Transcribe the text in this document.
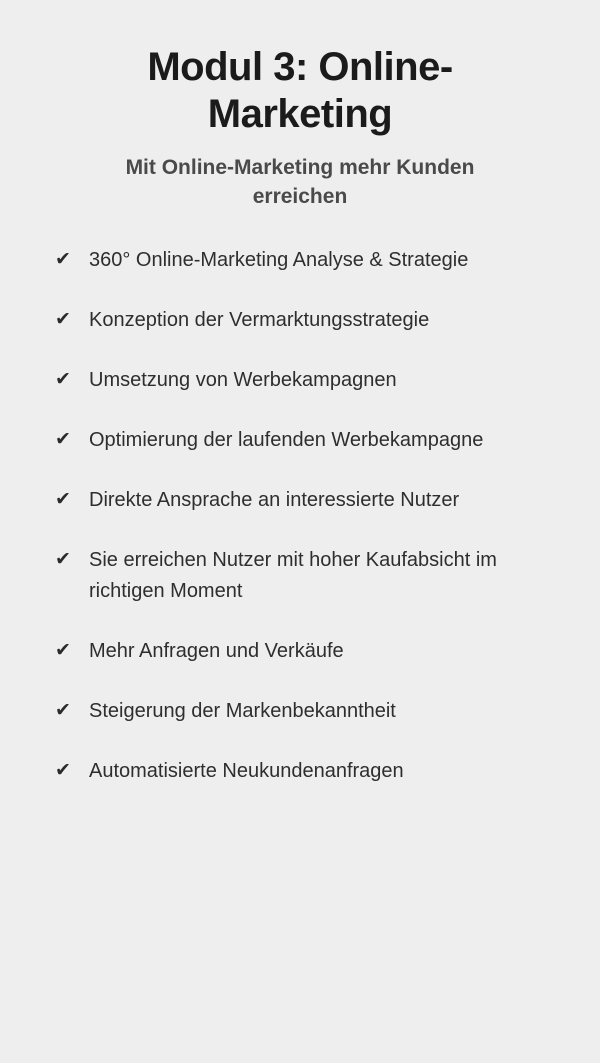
Modul 3: Online-Marketing
Mit Online-Marketing mehr Kunden erreichen
✔ 360° Online-Marketing Analyse & Strategie
✔ Konzeption der Vermarktungsstrategie
✔ Umsetzung von Werbekampagnen
✔ Optimierung der laufenden Werbekampagne
✔ Direkte Ansprache an interessierte Nutzer
✔ Sie erreichen Nutzer mit hoher Kaufabsicht im richtigen Moment
✔ Mehr Anfragen und Verkäufe
✔ Steigerung der Markenbekanntheit
✔ Automatisierte Neukundenanfragen
